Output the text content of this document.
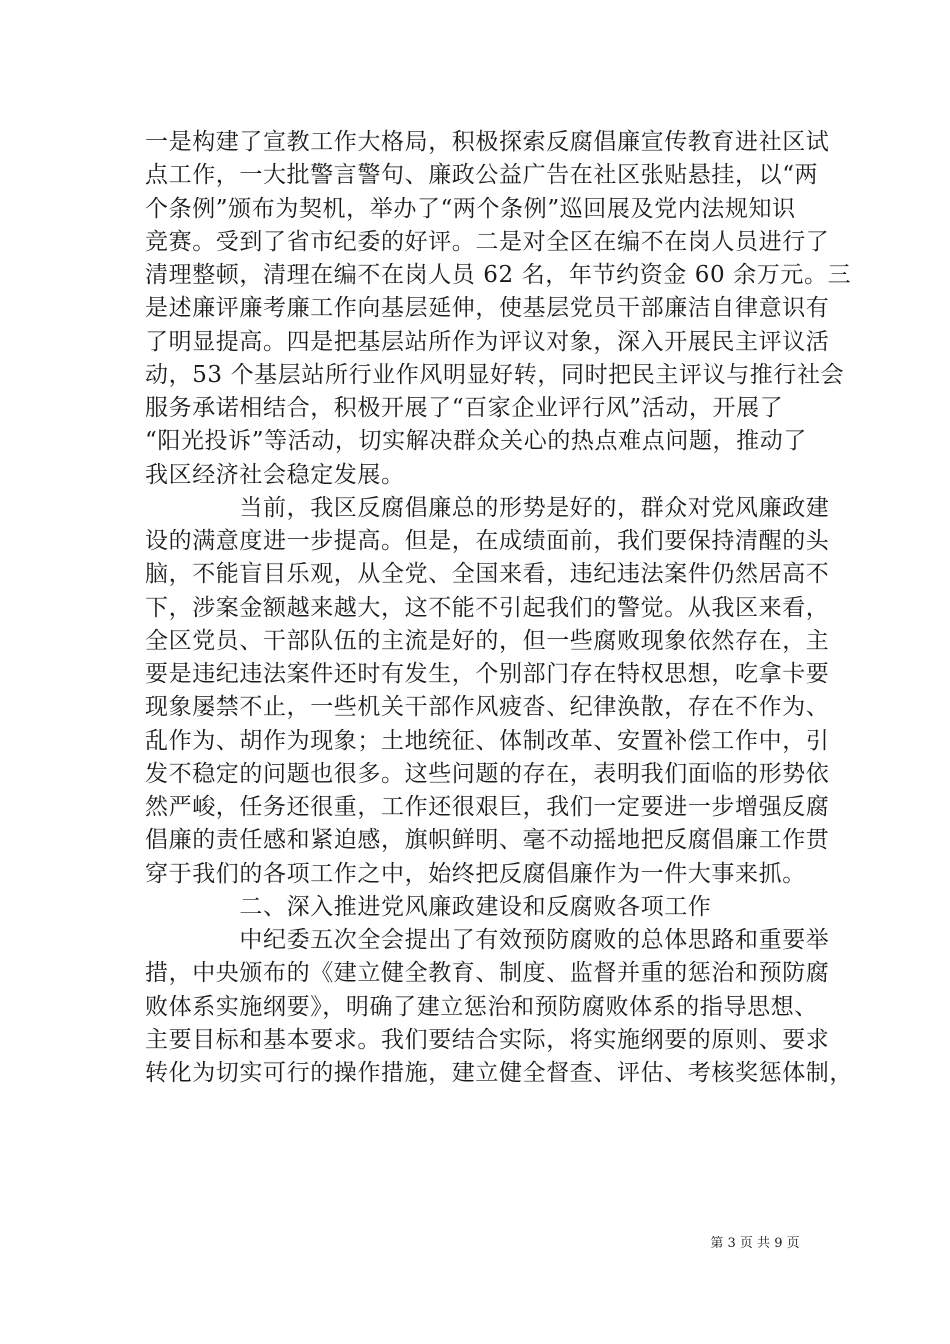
一是构建了宣教工作大格局，积极探索反腐倡廉宣传教育进社区试
点工作，一大批警言警句、廉政公益广告在社区张贴悬挂，以“两
个条例”颁布为契机，举办了“两个条例”巡回展及党内法规知识
竞赛。受到了省市纪委的好评。二是对全区在编不在岗人员进行了
清理整顿，清理在编不在岗人员 62 名，年节约资金 60 余万元。三
是述廉评廉考廉工作向基层延伸，使基层党员干部廉洁自律意识有
了明显提高。四是把基层站所作为评议对象，深入开展民主评议活
动，53 个基层站所行业作风明显好转，同时把民主评议与推行社会
服务承诺相结合，积极开展了“百家企业评行风”活动，开展了
“阳光投诉”等活动，切实解决群众关心的热点难点问题，推动了
我区经济社会稳定发展。
　　　　当前，我区反腐倡廉总的形势是好的，群众对党风廉政建
设的满意度进一步提高。但是，在成绩面前，我们要保持清醒的头
脑，不能盲目乐观，从全党、全国来看，违纪违法案件仍然居高不
下，涉案金额越来越大，这不能不引起我们的警觉。从我区来看，
全区党员、干部队伍的主流是好的，但一些腐败现象依然存在，主
要是违纪违法案件还时有发生，个别部门存在特权思想，吃拿卡要
现象屡禁不止，一些机关干部作风疲沓、纪律涣散，存在不作为、
乱作为、胡作为现象；土地统征、体制改革、安置补偿工作中，引
发不稳定的问题也很多。这些问题的存在，表明我们面临的形势依
然严峻，任务还很重，工作还很艰巨，我们一定要进一步增强反腐
倡廉的责任感和紧迫感，旗帜鲜明、毫不动摇地把反腐倡廉工作贯
穿于我们的各项工作之中，始终把反腐倡廉作为一件大事来抓。
　　　　二、深入推进党风廉政建设和反腐败各项工作
　　　　中纪委五次全会提出了有效预防腐败的总体思路和重要举
措，中央颁布的《建立健全教育、制度、监督并重的惩治和预防腐
败体系实施纲要》，明确了建立惩治和预防腐败体系的指导思想、
主要目标和基本要求。我们要结合实际，将实施纲要的原则、要求
转化为切实可行的操作措施，建立健全督查、评估、考核奖惩体制，
第 3 页 共 9 页
